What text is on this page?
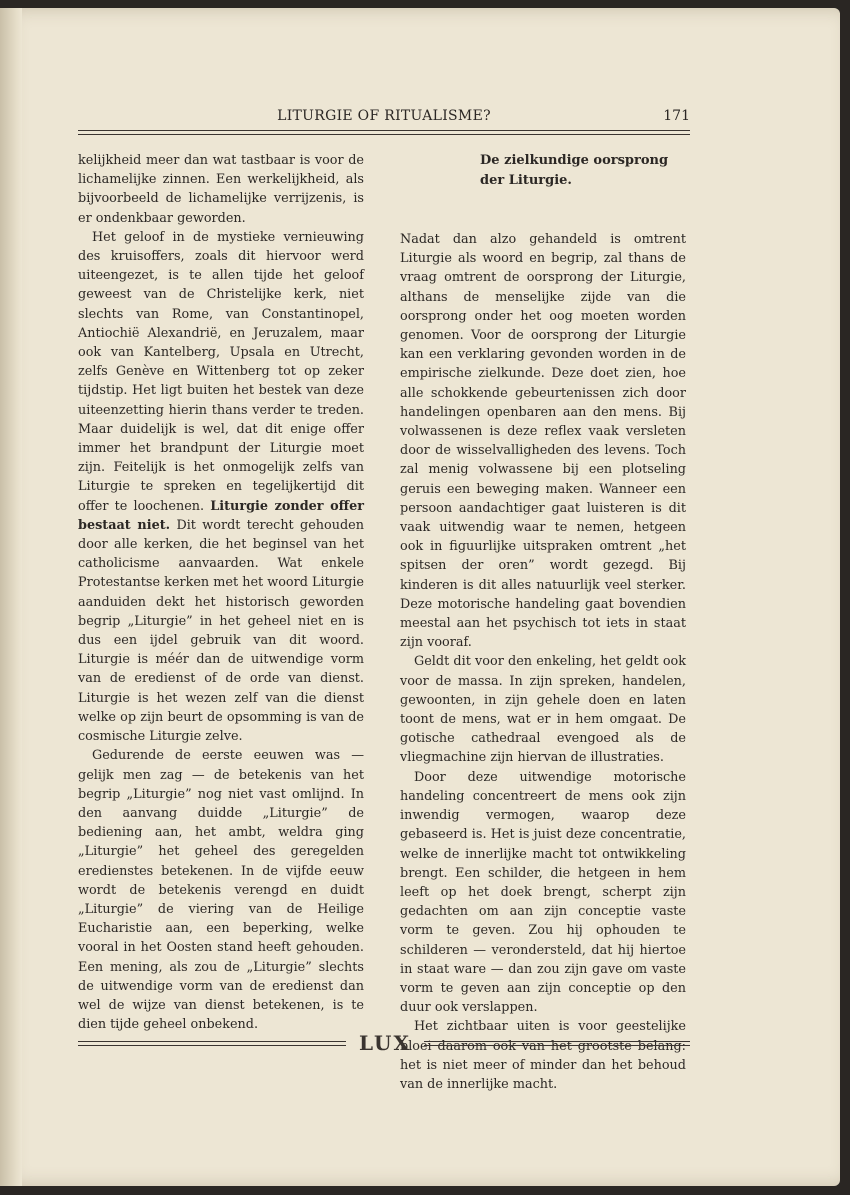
LITURGIE OF RITUALISME?	171

kelijkheid meer dan wat tastbaar is voor de lichamelijke zinnen. Een werkelijkheid, als bijvoorbeeld de lichamelijke verrijzenis, is er ondenkbaar geworden.

Het geloof in de mystieke vernieuwing des kruisoffers, zoals dit hiervoor werd uiteengezet, is te allen tijde het geloof geweest van de Christelijke kerk, niet slechts van Rome, van Constantinopel, Antiochië Alexandrië, en Jeruzalem, maar ook van Kantelberg, Upsala en Utrecht, zelfs Genève en Wittenberg tot op zeker tijdstip. Het ligt buiten het bestek van deze uiteenzetting hierin thans verder te treden. Maar duidelijk is wel, dat dit enige offer immer het brandpunt der Liturgie moet zijn. Feitelijk is het onmogelijk zelfs van Liturgie te spreken en tegelijkertijd dit offer te loochenen. Liturgie zonder offer bestaat niet. Dit wordt terecht gehouden door alle kerken, die het beginsel van het catholicisme aanvaarden. Wat enkele Protestantse kerken met het woord Liturgie aanduiden dekt het historisch geworden begrip „Liturgie” in het geheel niet en is dus een ijdel gebruik van dit woord. Liturgie is méér dan de uitwendige vorm van de eredienst of de orde van dienst. Liturgie is het wezen zelf van die dienst welke op zijn beurt de opsomming is van de cosmische Liturgie zelve.

Gedurende de eerste eeuwen was — gelijk men zag — de betekenis van het begrip „Liturgie” nog niet vast omlijnd. In den aanvang duidde „Liturgie” de bediening aan, het ambt, weldra ging „Liturgie” het geheel des geregelden eredienstes betekenen. In de vijfde eeuw wordt de betekenis verengd en duidt „Liturgie” de viering van de Heilige Eucharistie aan, een beperking, welke vooral in het Oosten stand heeft gehouden. Een mening, als zou de „Liturgie” slechts de uitwendige vorm van de eredienst dan wel de wijze van dienst betekenen, is te dien tijde geheel onbekend.

De zielkundige oorsprong der Liturgie.

Nadat dan alzo gehandeld is omtrent Liturgie als woord en begrip, zal thans de vraag omtrent de oorsprong der Liturgie, althans de menselijke zijde van die oorsprong onder het oog moeten worden genomen. Voor de oorsprong der Liturgie kan een verklaring gevonden worden in de empirische zielkunde. Deze doet zien, hoe alle schokkende gebeurtenissen zich door handelingen openbaren aan den mens. Bij volwassenen is deze reflex vaak versleten door de wisselvalligheden des levens. Toch zal menig volwassene bij een plotseling geruis een beweging maken. Wanneer een persoon aandachtiger gaat luisteren is dit vaak uitwendig waar te nemen, hetgeen ook in figuurlijke uitspraken omtrent „het spitsen der oren” wordt gezegd. Bij kinderen is dit alles natuurlijk veel sterker. Deze motorische handeling gaat bovendien meestal aan het psychisch tot iets in staat zijn vooraf.

Geldt dit voor den enkeling, het geldt ook voor de massa. In zijn spreken, handelen, gewoonten, in zijn gehele doen en laten toont de mens, wat er in hem omgaat. De gotische cathedraal evengoed als de vliegmachine zijn hiervan de illustraties.

Door deze uitwendige motorische handeling concentreert de mens ook zijn inwendig vermogen, waarop deze gebaseerd is. Het is juist deze concentratie, welke de innerlijke macht tot ontwikkeling brengt. Een schilder, die hetgeen in hem leeft op het doek brengt, scherpt zijn gedachten om aan zijn conceptie vaste vorm te geven. Zou hij ophouden te schilderen — verondersteld, dat hij hiertoe in staat ware — dan zou zijn gave om vaste vorm te geven aan zijn conceptie op den duur ook verslappen.

Het zichtbaar uiten is voor geestelijke bloei daarom ook van het grootste belang: het is niet meer of minder dan het behoud van de innerlijke macht.

LUX
